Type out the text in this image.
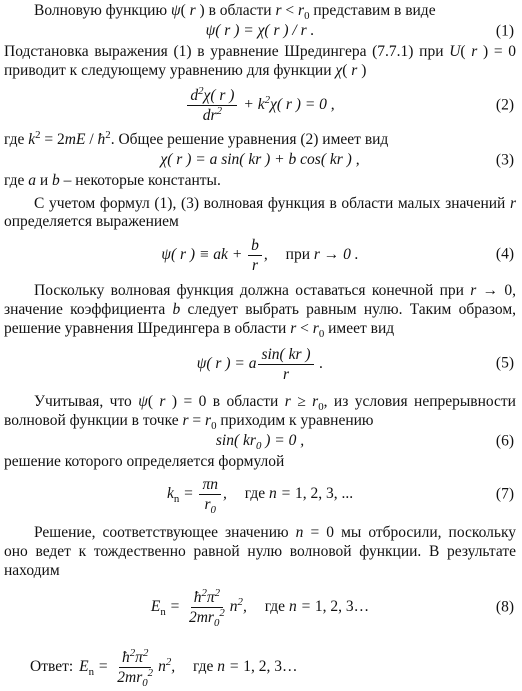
Волновую функцию ψ( r ) в области $r < r_0$ представим в виде

ψ( r ) = χ( r ) / r .	(1)

Подстановка выражения (1) в уравнение Шредингера (7.7.1) при U( r ) = 0 приводит к следующему уравнению для функции χ( r )

$\frac{d^2\chi( r )}{dr^2} + k^2\chi$( r ) = 0 ,	(2)

где $k^2 = 2mE$ / $ħ^2$. Общее решение уравнения (2) имеет вид

χ( r ) = a sin( kr ) + b cos( kr ) ,	(3)

где a и b – некоторые константы.

С учетом формул (1), (3) волновая функция в области малых значений r определяется выражением

ψ( r ) ≡ ak + $\frac{b}{r}$ , при r → 0 .	(4)

Поскольку волновая функция должна оставаться конечной при r → 0, значение коэффициента b следует выбрать равным нулю. Таким образом, решение уравнения Шредингера в области $r < r_0$ имеет вид

ψ( r ) = a $\frac{\sin( kr )}{r}$ .	(5)

Учитывая, что ψ( r ) = 0 в области $r \ge r_0$, из условия непрерывности волновой функции в точке $r = r_0$ приходим к уравнению

sin( $kr_0$ ) = 0 ,	(6)

решение которого определяется формулой

$k_n = \frac{\pi n}{r_0}$ , где n = 1, 2, 3, ...	(7)

Решение, соответствующее значению n = 0 мы отбросили, поскольку оно ведет к тождественно равной нулю волновой функции. В результате находим

$E_n = \frac{ħ^2\pi^2}{2mr_0^2} n^2$, где n = 1, 2, 3…	(8)
Ответ: $E_n = \frac{ħ^2\pi^2}{2mr_0^2} n^2$, где n = 1, 2, 3…
